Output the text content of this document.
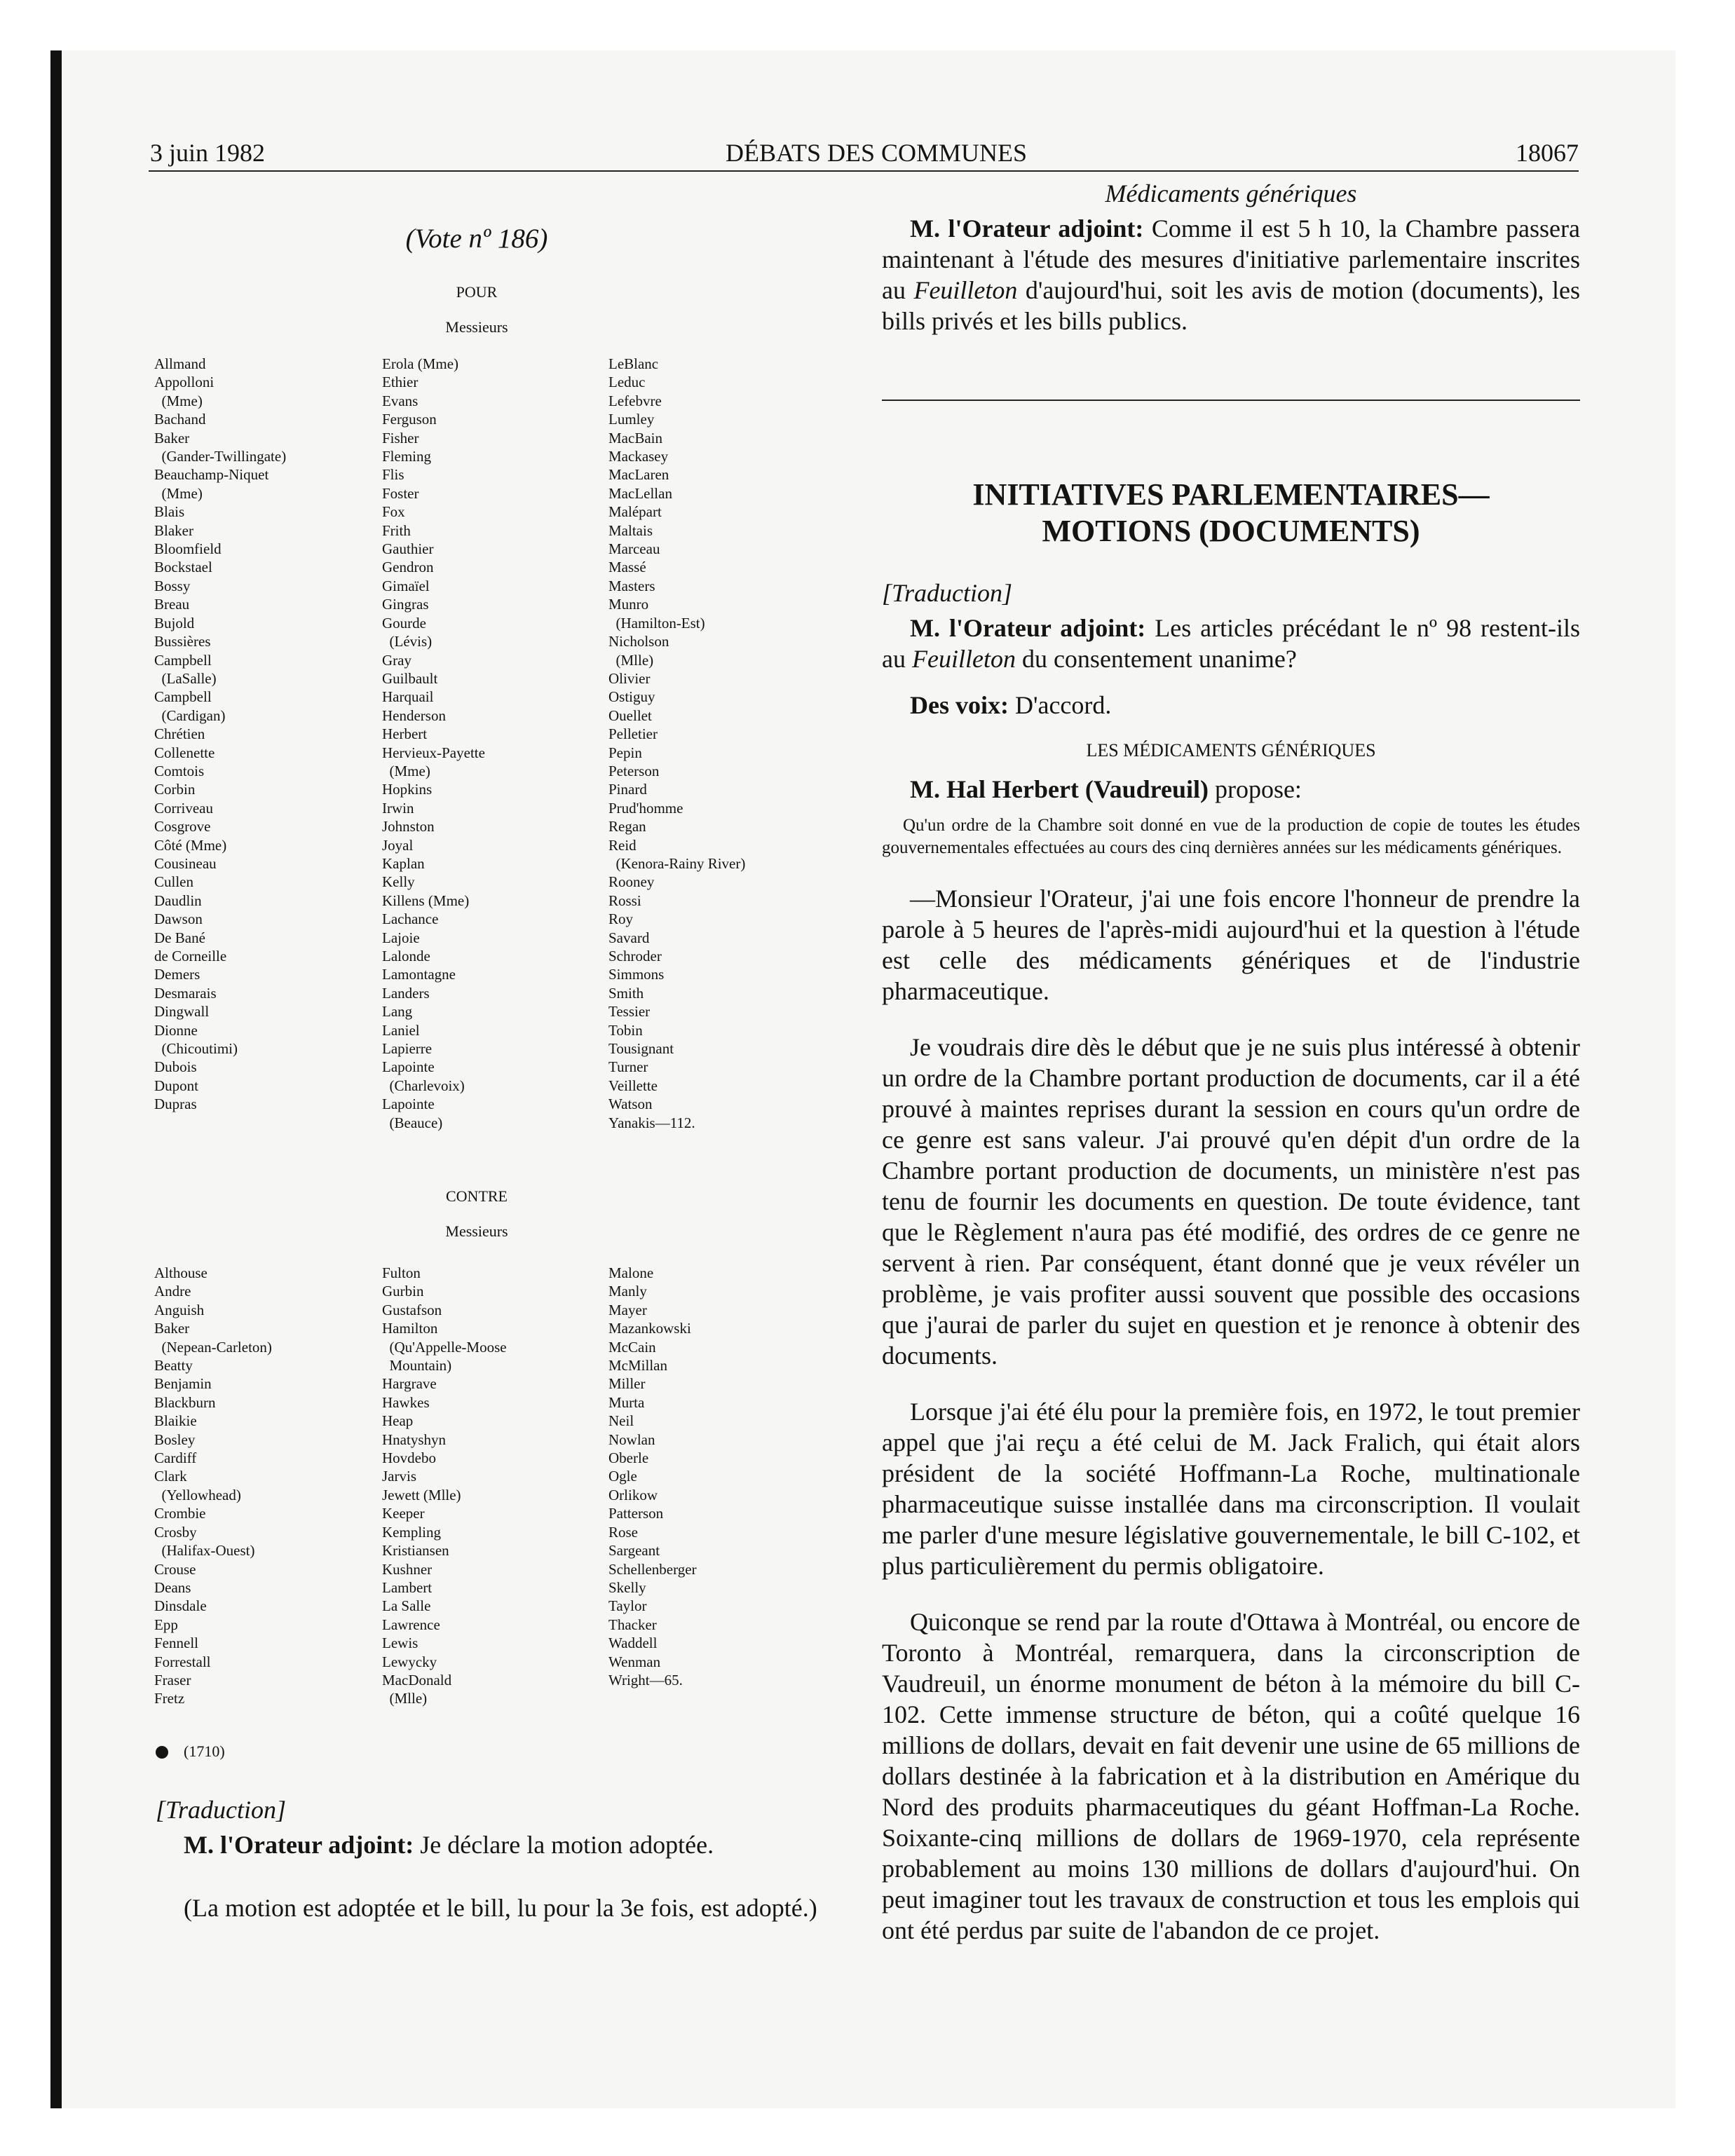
3 juin 1982	DÉBATS DES COMMUNES	18067
(Vote nº 186)
POUR
Messieurs
Allmand
Appolloni
(Mme)
Bachand
Baker
(Gander-Twillingate)
Beauchamp-Niquet
(Mme)
Blais
Blaker
Bloomfield
Bockstael
Bossy
Breau
Bujold
Bussières
Campbell
(LaSalle)
Campbell
(Cardigan)
Chrétien
Collenette
Comtois
Corbin
Corriveau
Cosgrove
Côté (Mme)
Cousineau
Cullen
Daudlin
Dawson
De Bané
de Corneille
Demers
Desmarais
Dingwall
Dionne
(Chicoutimi)
Dubois
Dupont
Dupras
Erola (Mme)
Ethier
Evans
Ferguson
Fisher
Fleming
Flis
Foster
Fox
Frith
Gauthier
Gendron
Gimaïel
Gingras
Gourde
(Lévis)
Gray
Guilbault
Harquail
Henderson
Herbert
Hervieux-Payette
(Mme)
Hopkins
Irwin
Johnston
Joyal
Kaplan
Kelly
Killens (Mme)
Lachance
Lajoie
Lalonde
Lamontagne
Landers
Lang
Laniel
Lapierre
Lapointe
(Charlevoix)
Lapointe
(Beauce)
LeBlanc
Leduc
Lefebvre
Lumley
MacBain
Mackasey
MacLaren
MacLellan
Malépart
Maltais
Marceau
Massé
Masters
Munro
(Hamilton-Est)
Nicholson
(Mlle)
Olivier
Ostiguy
Ouellet
Pelletier
Pepin
Peterson
Pinard
Prud'homme
Regan
Reid
(Kenora-Rainy River)
Rooney
Rossi
Roy
Savard
Schroder
Simmons
Smith
Tessier
Tobin
Tousignant
Turner
Veillette
Watson
Yanakis—112.
CONTRE
Messieurs
Althouse
Andre
Anguish
Baker
(Nepean-Carleton)
Beatty
Benjamin
Blackburn
Blaikie
Bosley
Cardiff
Clark
(Yellowhead)
Crombie
Crosby
(Halifax-Ouest)
Crouse
Deans
Dinsdale
Epp
Fennell
Forrestall
Fraser
Fretz
Fulton
Gurbin
Gustafson
Hamilton
(Qu'Appelle-Moose
Mountain)
Hargrave
Hawkes
Heap
Hnatyshyn
Hovdebo
Jarvis
Jewett (Mlle)
Keeper
Kempling
Kristiansen
Kushner
Lambert
La Salle
Lawrence
Lewis
Lewycky
MacDonald
(Mlle)
Malone
Manly
Mayer
Mazankowski
McCain
McMillan
Miller
Murta
Neil
Nowlan
Oberle
Ogle
Orlikow
Patterson
Rose
Sargeant
Schellenberger
Skelly
Taylor
Thacker
Waddell
Wenman
Wright—65.
(1710)
[Traduction]
M. l'Orateur adjoint: Je déclare la motion adoptée.
(La motion est adoptée et le bill, lu pour la 3e fois, est adopté.)
Médicaments génériques

M. l'Orateur adjoint: Comme il est 5 h 10, la Chambre passera maintenant à l'étude des mesures d'initiative parlementaire inscrites au Feuilleton d'aujourd'hui, soit les avis de motion (documents), les bills privés et les bills publics.

INITIATIVES PARLEMENTAIRES—
MOTIONS (DOCUMENTS)
[Traduction]

M. l'Orateur adjoint: Les articles précédant le nº 98 restent-ils au Feuilleton du consentement unanime?

Des voix: D'accord.

LES MÉDICAMENTS GÉNÉRIQUES

M. Hal Herbert (Vaudreuil) propose:

Qu'un ordre de la Chambre soit donné en vue de la production de copie de toutes les études gouvernementales effectuées au cours des cinq dernières années sur les médicaments génériques.

—Monsieur l'Orateur, j'ai une fois encore l'honneur de prendre la parole à 5 heures de l'après-midi aujourd'hui et la question à l'étude est celle des médicaments génériques et de l'industrie pharmaceutique.

Je voudrais dire dès le début que je ne suis plus intéressé à obtenir un ordre de la Chambre portant production de documents, car il a été prouvé à maintes reprises durant la session en cours qu'un ordre de ce genre est sans valeur. J'ai prouvé qu'en dépit d'un ordre de la Chambre portant production de documents, un ministère n'est pas tenu de fournir les documents en question. De toute évidence, tant que le Règlement n'aura pas été modifié, des ordres de ce genre ne servent à rien. Par conséquent, étant donné que je veux révéler un problème, je vais profiter aussi souvent que possible des occasions que j'aurai de parler du sujet en question et je renonce à obtenir des documents.

Lorsque j'ai été élu pour la première fois, en 1972, le tout premier appel que j'ai reçu a été celui de M. Jack Fralich, qui était alors président de la société Hoffmann-La Roche, multinationale pharmaceutique suisse installée dans ma circonscription. Il voulait me parler d'une mesure législative gouvernementale, le bill C-102, et plus particulièrement du permis obligatoire.

Quiconque se rend par la route d'Ottawa à Montréal, ou encore de Toronto à Montréal, remarquera, dans la circonscription de Vaudreuil, un énorme monument de béton à la mémoire du bill C-102. Cette immense structure de béton, qui a coûté quelque 16 millions de dollars, devait en fait devenir une usine de 65 millions de dollars destinée à la fabrication et à la distribution en Amérique du Nord des produits pharmaceutiques du géant Hoffman-La Roche. Soixante-cinq millions de dollars de 1969-1970, cela représente probablement au moins 130 millions de dollars d'aujourd'hui. On peut imaginer tout les travaux de construction et tous les emplois qui ont été perdus par suite de l'abandon de ce projet.
